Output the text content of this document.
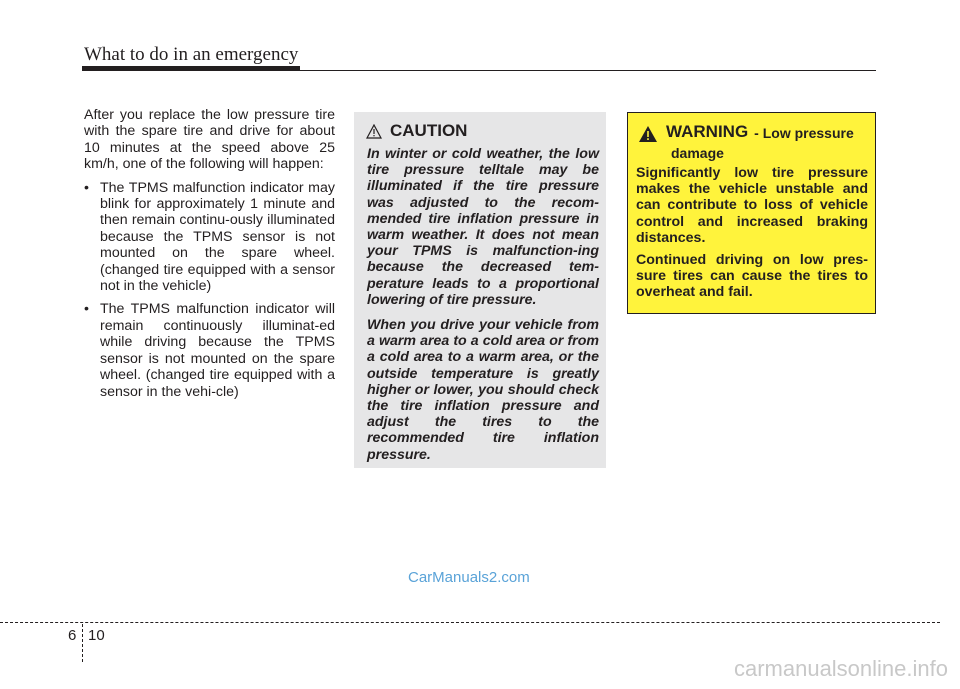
What to do in an emergency

After you replace the low pressure tire with the spare tire and drive for about 10 minutes at the speed above 25 km/h, one of the following will happen:

• The TPMS malfunction indicator may blink for approximately 1 minute and then remain continu-ously illuminated because the TPMS sensor is not mounted on the spare wheel. (changed tire equipped with a sensor not in the vehicle)
• The TPMS malfunction indicator will remain continuously illuminat-ed while driving because the TPMS sensor is not mounted on the spare wheel. (changed tire equipped with a sensor in the vehi-cle)
CAUTION

In winter or cold weather, the low tire pressure telltale may be illuminated if the tire pressure was adjusted to the recom-mended tire inflation pressure in warm weather. It does not mean your TPMS is malfunction-ing because the decreased tem-perature leads to a proportional lowering of tire pressure.

When you drive your vehicle from a warm area to a cold area or from a cold area to a warm area, or the outside temperature is greatly higher or lower, you should check the tire inflation pressure and adjust the tires to the recommended tire inflation pressure.

WARNING - Low pressure
damage

Significantly low tire pressure makes the vehicle unstable and can contribute to loss of vehicle control and increased braking distances.

Continued driving on low pres-sure tires can cause the tires to overheat and fail.

CarManuals2.com
6 10
carmanualsonline.info
